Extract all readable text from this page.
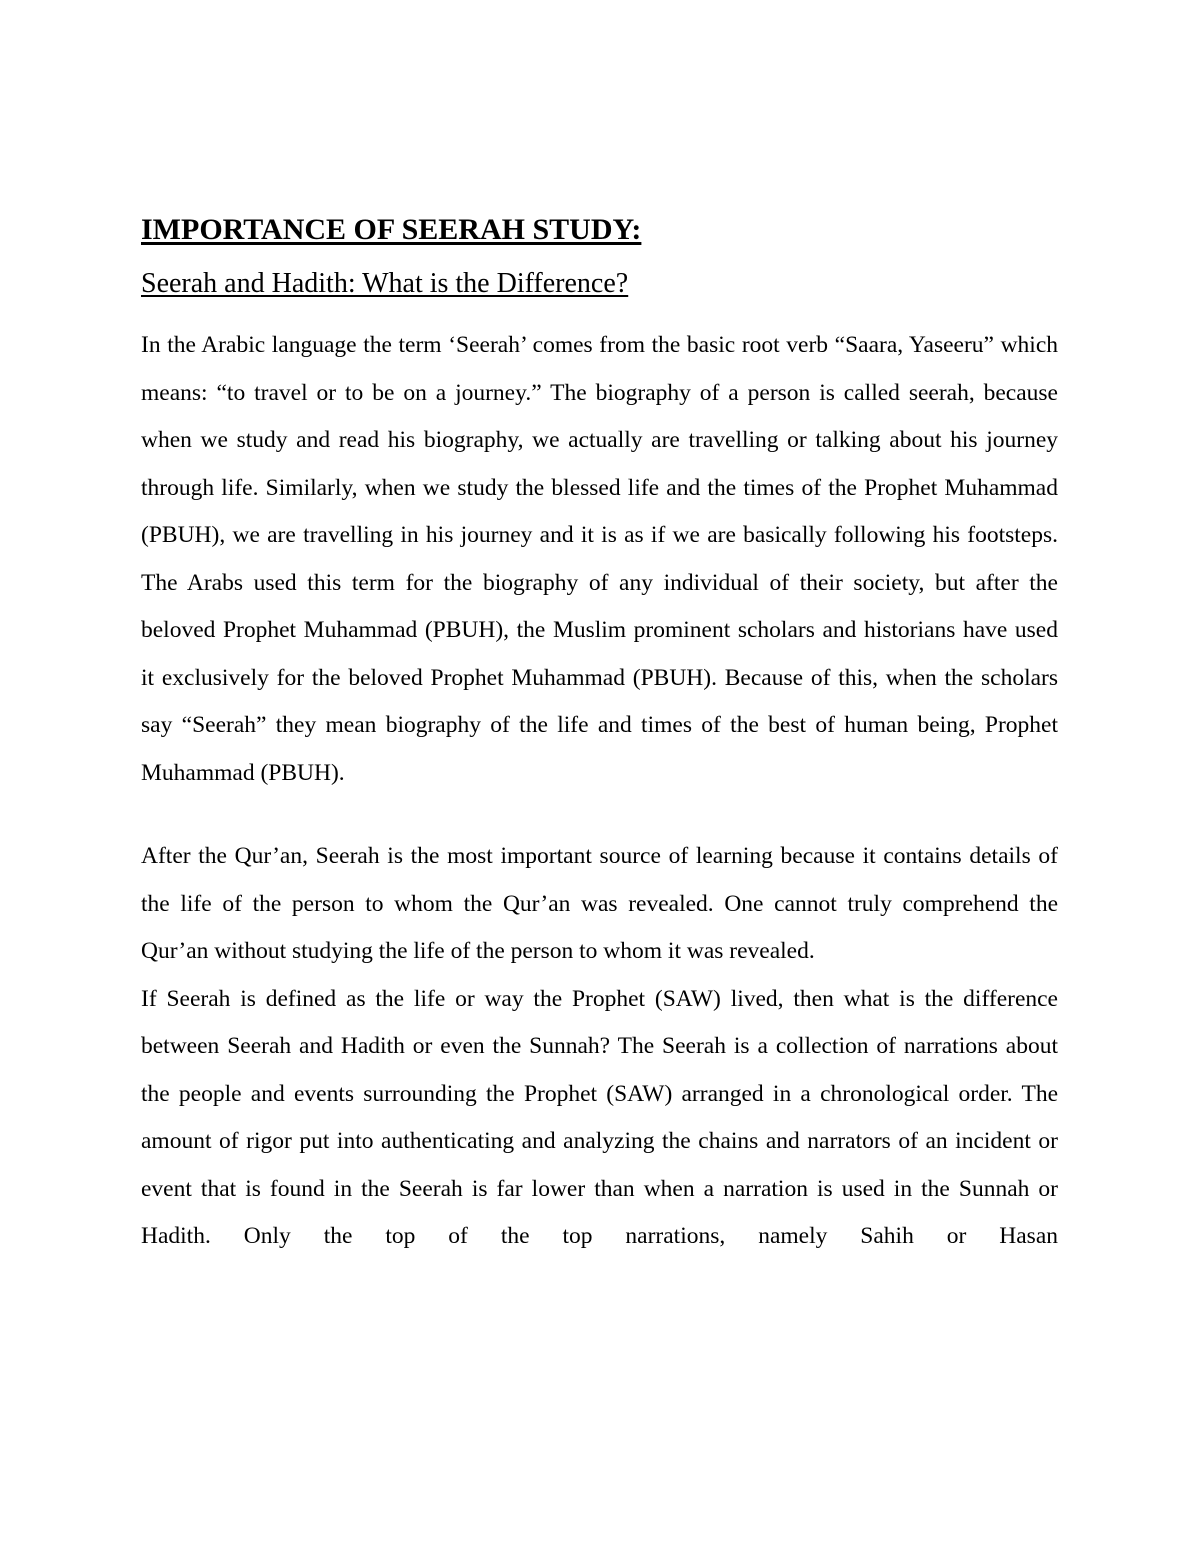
IMPORTANCE OF SEERAH STUDY:
Seerah and Hadith: What is the Difference?

In the Arabic language the term ‘Seerah’ comes from the basic root verb “Saara, Yaseeru” which means: “to travel or to be on a journey.” The biography of a person is called seerah, because when we study and read his biography, we actually are travelling or talking about his journey through life. Similarly, when we study the blessed life and the times of the Prophet Muhammad (PBUH), we are travelling in his journey and it is as if we are basically following his footsteps. The Arabs used this term for the biography of any individual of their society, but after the beloved Prophet Muhammad (PBUH), the Muslim prominent scholars and historians have used it exclusively for the beloved Prophet Muhammad (PBUH). Because of this, when the scholars say “Seerah” they mean biography of the life and times of the best of human being, Prophet Muhammad (PBUH).

After the Qur’an, Seerah is the most important source of learning because it contains details of the life of the person to whom the Qur’an was revealed. One cannot truly comprehend the Qur’an without studying the life of the person to whom it was revealed.

If Seerah is defined as the life or way the Prophet (SAW) lived, then what is the difference between Seerah and Hadith or even the Sunnah? The Seerah is a collection of narrations about the people and events surrounding the Prophet (SAW) arranged in a chronological order. The amount of rigor put into authenticating and analyzing the chains and narrators of an incident or event that is found in the Seerah is far lower than when a narration is used in the Sunnah or Hadith. Only the top of the top narrations, namely Sahih or Hasan
